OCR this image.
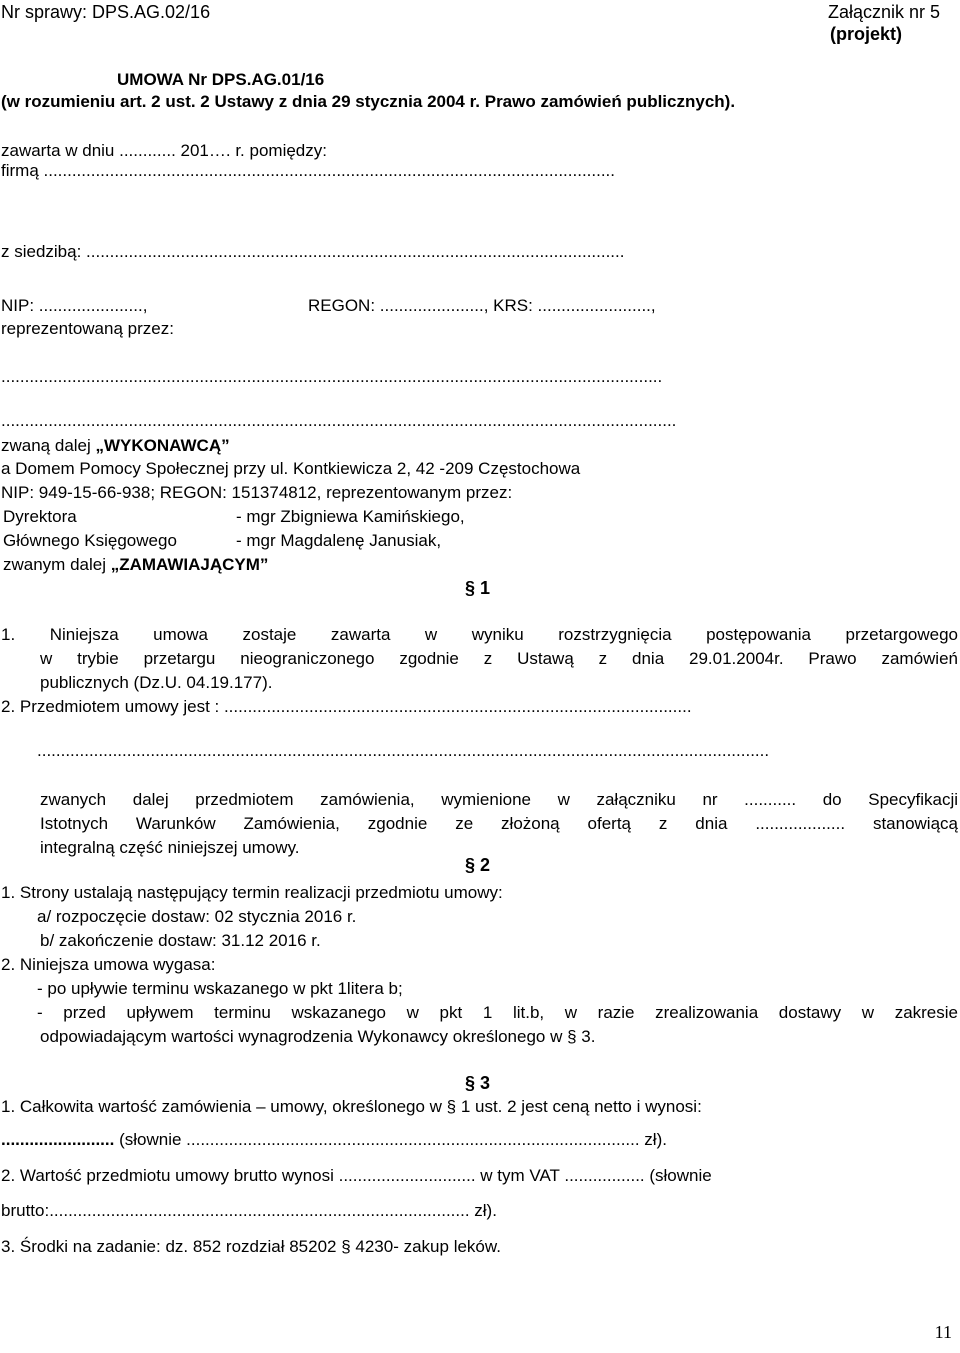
Nr sprawy: DPS.AG.02/16	Załącznik nr 5
(projekt)
UMOWA Nr DPS.AG.01/16
(w rozumieniu art. 2 ust. 2 Ustawy z dnia 29 stycznia 2004 r. Prawo zamówień publicznych).
zawarta w dniu ............ 201…. r. pomiędzy:
firmą .........................................................................................................................
z siedzibą: ..................................................................................................................
NIP: ......................,	REGON: ......................, KRS: ........................,
reprezentowaną przez:
............................................................................................................................................
...............................................................................................................................................
zwaną dalej „WYKONAWCĄ”
a Domem Pomocy Społecznej przy ul. Kontkiewicza 2, 42 -209 Częstochowa
NIP: 949-15-66-938; REGON: 151374812, reprezentowanym przez:
Dyrektora	- mgr Zbigniewa Kamińskiego,
Głównego Księgowego	- mgr Magdalenę Janusiak,
zwanym dalej „ZAMAWIAJĄCYM”
§ 1
1. Niniejsza umowa zostaje zawarta w wyniku rozstrzygnięcia postępowania przetargowego
w trybie przetargu nieograniczonego zgodnie z Ustawą z dnia 29.01.2004r. Prawo zamówień
publicznych (Dz.U. 04.19.177).
2. Przedmiotem umowy jest : ...................................................................................................
...........................................................................................................................................................
zwanych dalej przedmiotem zamówienia, wymienione w załączniku nr ........... do Specyfikacji
Istotnych Warunków Zamówienia, zgodnie ze złożoną ofertą z dnia ................... stanowiącą
integralną część niniejszej umowy.
§ 2
1. Strony ustalają następujący termin realizacji przedmiotu umowy:
a/ rozpoczęcie dostaw: 02 stycznia 2016 r.
b/ zakończenie dostaw: 31.12 2016 r.
2. Niniejsza umowa wygasa:
- po upływie terminu wskazanego w pkt 1litera b;
- przed upływem terminu wskazanego w pkt 1 lit.b, w razie zrealizowania dostawy w zakresie
odpowiadającym wartości wynagrodzenia Wykonawcy określonego w § 3.
§ 3
1. Całkowita wartość zamówienia – umowy, określonego w § 1 ust. 2 jest ceną netto i wynosi:
........................ (słownie ................................................................................................ zł).
2. Wartość przedmiotu umowy brutto wynosi ............................. w tym VAT ................. (słownie
brutto:......................................................................................... zł).
3. Środki na zadanie: dz. 852 rozdział 85202 § 4230- zakup leków.
11
